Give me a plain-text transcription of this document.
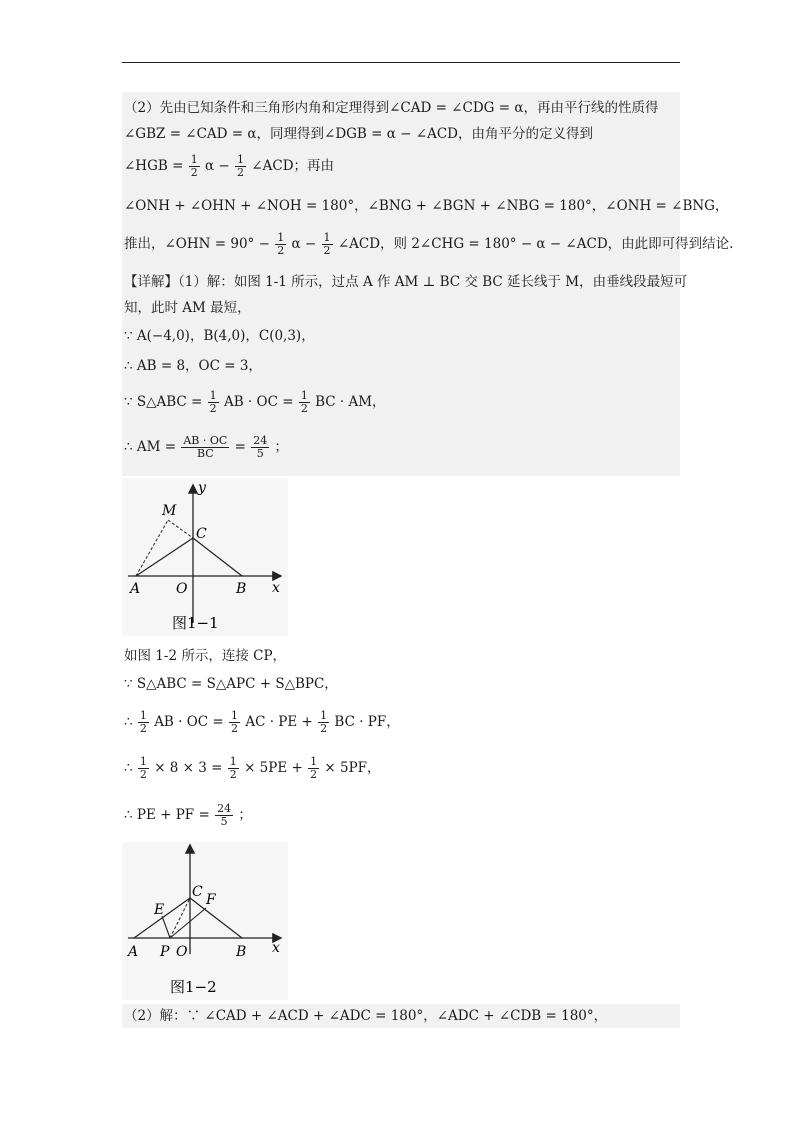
（2）先由已知条件和三角形内角和定理得到∠CAD = ∠CDG = α，再由平行线的性质得
∠GBZ = ∠CAD = α，同理得到∠DGB = α − ∠ACD，由角平分的定义得到
∠HGB = $\frac{1}{2}$ $\alpha - \frac{1}{2}$ ∠ACD；再由
∠ONH + ∠OHN + ∠NOH = 180°，∠BNG + ∠BGN + ∠NBG = 180°，∠ONH = ∠BNG，
推出，∠OHN = $90^\circ - \frac{1}{2}$ $\alpha - \frac{1}{2}$ ∠ACD，则 2∠CHG = 180° − α − ∠ACD，由此即可得到结论.
【详解】（1）解：如图 1-1 所示，过点 A 作 AM ⊥ BC 交 BC 延长线于 M，由垂线段最短可
知，此时 AM 最短，
∵ A(−4,0)，B(4,0)，C(0,3)，
∴ AB = 8，OC = 3，
∵ S△ABC = $\frac{1}{2}$ AB · OC = $\frac{1}{2}$ BC · AM，
∴ AM = $\frac{AB \cdot OC}{BC} = \frac{24}{5}$ ；
y
M
C
A	O	B x
图1−1
如图 1-2 所示，连接 CP，
∵ S△ABC = S△APC + S△BPC，
∴ $\frac{1}{2}$ AB · OC = $\frac{1}{2}$ AC · PE + $\frac{1}{2}$ BC · PF，
∴ $\frac{1}{2} \times 8 \times 3 = \frac{1}{2} \times 5PE + \frac{1}{2} \times 5PF$，
∴ PE + PF = $\frac{24}{5}$ ；
C F
E
A P O	B x
图1−2
（2）解：∵ ∠CAD + ∠ACD + ∠ADC = 180°，∠ADC + ∠CDB = 180°，
